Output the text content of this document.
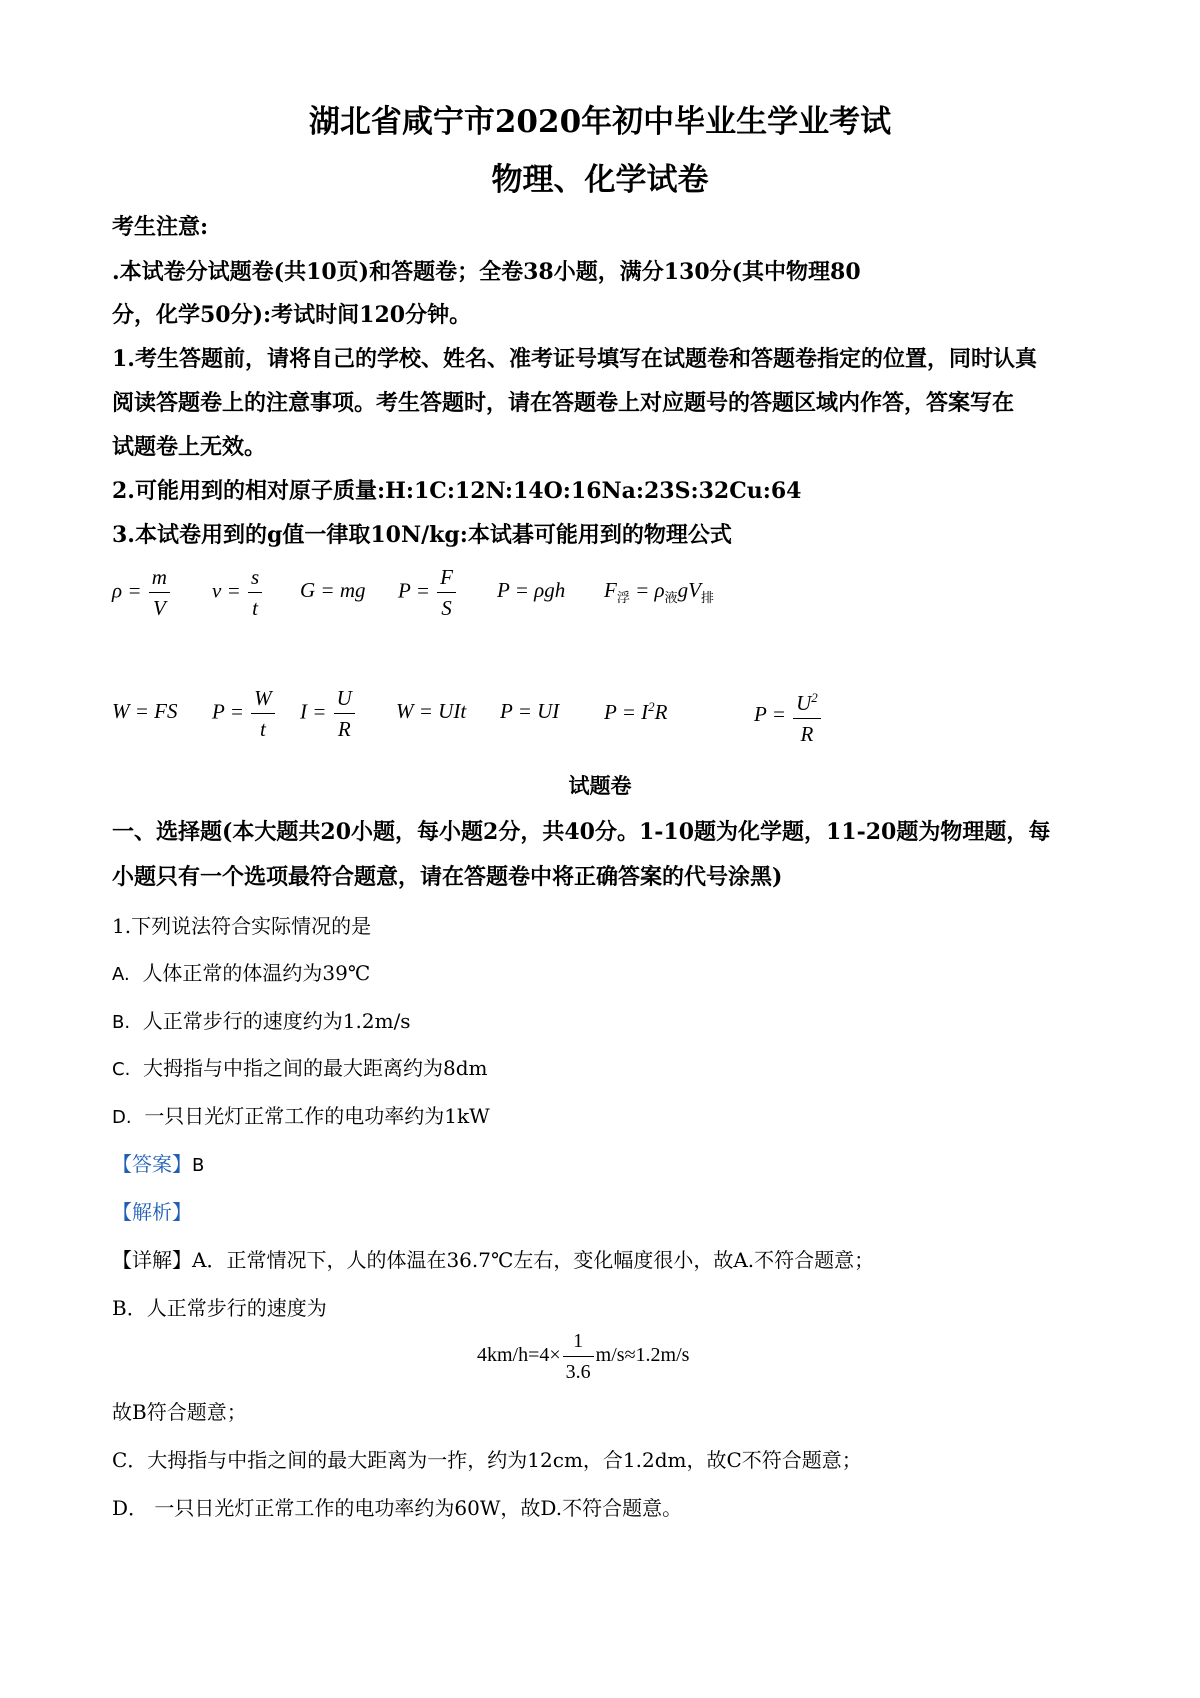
湖北省咸宁市2020年初中毕业生学业考试
物理、化学试卷
考生注意:
.本试卷分试题卷(共10页)和答题卷；全卷38小题，满分130分(其中物理80
分，化学50分):考试时间120分钟。
1.考生答题前，请将自己的学校、姓名、准考证号填写在试题卷和答题卷指定的位置，同时认真
阅读答题卷上的注意事项。考生答题时，请在答题卷上对应题号的答题区域内作答，答案写在
试题卷上无效。
2.可能用到的相对原子质量:H:1C:12N:14O:16Na:23S:32Cu:64
3.本试卷用到的g值一律取10N/kg:本试碁可能用到的物理公式
$\rho = \frac{m}{V}$ $v = \frac{s}{t}$ G = mg $P = \frac{F}{S}$ P = ρgh $F_浮 = \rho_液gV_排$
W = FS $P = \frac{W}{t}$ $I = \frac{U}{R}$ W = UIt P = UI $P = I^2R$	$P = \frac{U^2}{R}$
试题卷
一、选择题(本大题共20小题，每小题2分，共40分。1-10题为化学题，11-20题为物理题，每
小题只有一个选项最符合题意，请在答题卷中将正确答案的代号涂黑)
1.下列说法符合实际情况的是
A. 人体正常的体温约为39℃
B. 人正常步行的速度约为1.2m/s
C. 大拇指与中指之间的最大距离约为8dm
D. 一只日光灯正常工作的电功率约为1kW
【答案】B
【解析】
【详解】A．正常情况下，人的体温在36.7℃左右，变化幅度很小，故A.不符合题意；
B．人正常步行的速度为
$4km/h=4\times \frac{1}{3.6} m/s\approx 1.2m/s$
故B符合题意；
C．大拇指与中指之间的最大距离为一拃，约为12cm，合1.2dm，故C不符合题意；
D． 一只日光灯正常工作的电功率约为60W，故D.不符合题意。
